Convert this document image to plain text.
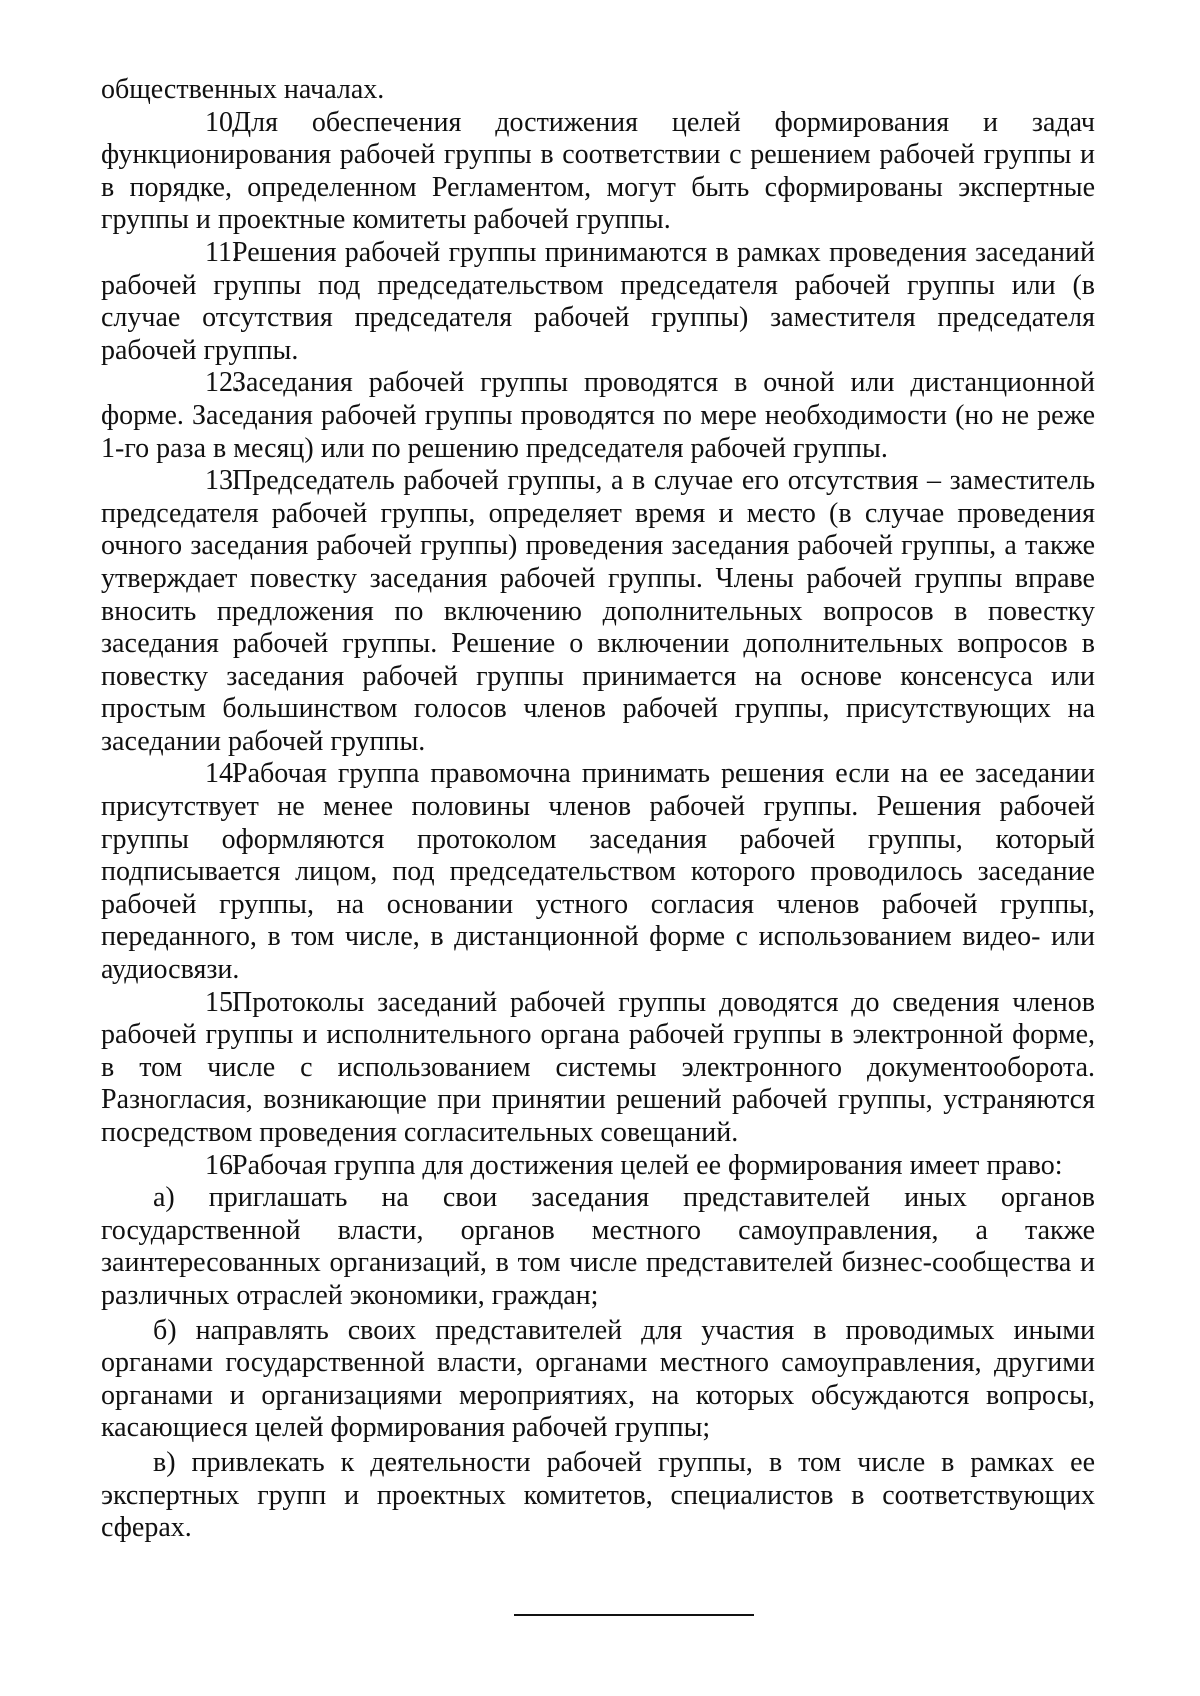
общественных началах.

10.Для обеспечения достижения целей формирования и задач функционирования рабочей группы в соответствии с решением рабочей группы и в порядке, определенном Регламентом, могут быть сформированы экспертные группы и проектные комитеты рабочей группы.

11.Решения рабочей группы принимаются в рамках проведения заседаний рабочей группы под председательством председателя рабочей группы или (в случае отсутствия председателя рабочей группы) заместителя председателя рабочей группы.

12.Заседания рабочей группы проводятся в очной или дистанционной форме. Заседания рабочей группы проводятся по мере необходимости (но не реже 1-го раза в месяц) или по решению председателя рабочей группы.

13.Председатель рабочей группы, а в случае его отсутствия – заместитель председателя рабочей группы, определяет время и место (в случае проведения очного заседания рабочей группы) проведения заседания рабочей группы, а также утверждает повестку заседания рабочей группы. Члены рабочей группы вправе вносить предложения по включению дополнительных вопросов в повестку заседания рабочей группы. Решение о включении дополнительных вопросов в повестку заседания рабочей группы принимается на основе консенсуса или простым большинством голосов членов рабочей группы, присутствующих на заседании рабочей группы.

14.Рабочая группа правомочна принимать решения если на ее заседании присутствует не менее половины членов рабочей группы. Решения рабочей группы оформляются протоколом заседания рабочей группы, который подписывается лицом, под председательством которого проводилось заседание рабочей группы, на основании устного согласия членов рабочей группы, переданного, в том числе, в дистанционной форме с использованием видео- или аудиосвязи.

15.Протоколы заседаний рабочей группы доводятся до сведения членов рабочей группы и исполнительного органа рабочей группы в электронной форме, в том числе с использованием системы электронного документооборота. Разногласия, возникающие при принятии решений рабочей группы, устраняются посредством проведения согласительных совещаний.

16.Рабочая группа для достижения целей ее формирования имеет право:

а) приглашать на свои заседания представителей иных органов государственной власти, органов местного самоуправления, а также заинтересованных организаций, в том числе представителей бизнес-сообщества и различных отраслей экономики, граждан;

б) направлять своих представителей для участия в проводимых иными органами государственной власти, органами местного самоуправления, другими органами и организациями мероприятиях, на которых обсуждаются вопросы, касающиеся целей формирования рабочей группы;

в) привлекать к деятельности рабочей группы, в том числе в рамках ее экспертных групп и проектных комитетов, специалистов в соответствующих сферах.
